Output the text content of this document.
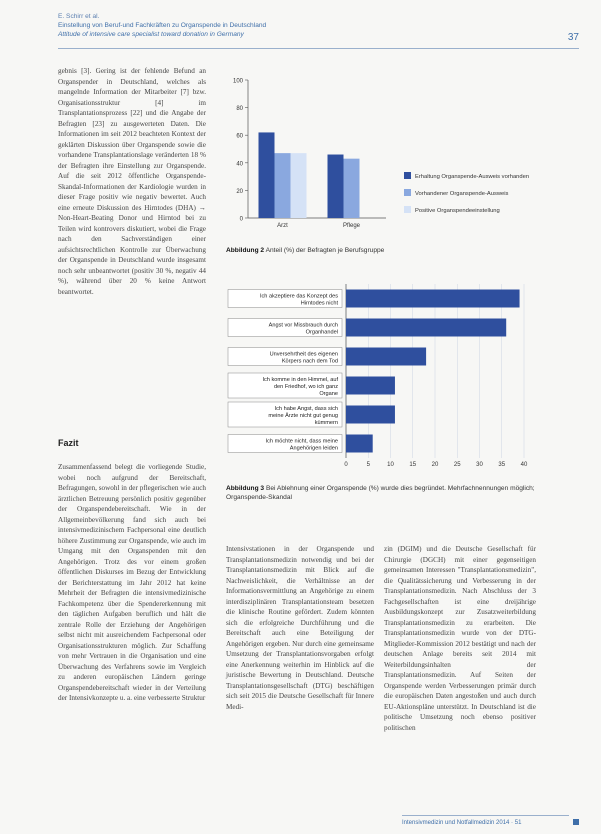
E. Schirr et al.
Einstellung von Beruf-und Fachkräften zu Organspende in Deutschland
Attitude of intensive care specialist toward donation in Germany	37

gebnis [3]. Gering ist der fehlende Befund an Organspender in Deutschland, welches als mangelnde Information der Mitarbeiter [7] bzw. Organisationsstruktur [4] im Transplantationsprozess [22] und die Angabe der Befragten [23] zu ausgewerteten Daten. Die Informationen im seit 2012 beachteten Kontext der geklärten Diskussion über Organspende sowie die vorhandene Transplantationslage veränderten 18 % der Befragten ihre Einstellung zur Organspende. Auf die seit 2012 öffentliche Organspende-Skandal-Informationen der Kardiologie wurden in dieser Frage positiv wie negativ bewertet. Auch eine erneute Diskussion des Hirntodes (DHA) → Non-Heart-Beating Donor und Hirntod bei zu Teilen wird kontrovers diskutiert, wobei die Frage nach den Sachverständigen einer aufsichtsrechtlichen Kontrolle zur Überwachung der Organspende in Deutschland wurde insgesamt noch sehr unbeantwortet (positiv 30 %, negativ 44 %), während über 20 % keine Antwort beantwortet.

Fazit

Zusammenfassend belegt die vorliegende Studie, wobei noch aufgrund der Bereitschaft, Befragungen, sowohl in der pflegerischen wie auch ärztlichen Betreuung persönlich positiv gegenüber der Organspendebereitschaft. Wie in der Allgemeinbevölkerung fand sich auch bei intensivmedizinischem Fachpersonal eine deutlich höhere Zustimmung zur Organspende, wie auch im Umgang mit den Organspenden mit den Angehörigen. Trotz des vor einem großen öffentlichen Diskurses im Bezug der Entwicklung der Berichterstattung im Jahr 2012 hat keine Mehrheit der Befragten die intensivmedizinische Fachkompetenz über die Spendererkennung mit den täglichen Aufgaben beruflich und hält die zentrale Rolle der Erziehung der Angehörigen selbst nicht mit ausreichendem Fachpersonal oder Organisationsstrukturen möglich. Zur Schaffung von mehr Vertrauen in die Organisation und eine Überwachung des Verfahrens sowie im Vergleich zu anderen europäischen Ländern geringe Organspendebereitschaft wieder in der Verteilung der Intensivkonzepte u. a. eine verbesserte Struktur

0
20
40
60
80
100
Arzt	Pflege
Erhaltung Organspende-Ausweis vorhanden
Vorhandener Organspende-Ausweis
Positive Organspendeeinstellung
Abbildung 2 Anteil (%) der Befragten je Berufsgruppe
0	5	10	15	20	25	30	35	40
Ich akzeptiere das Konzept des Hirntodes nicht
Angst vor Missbrauch durch Organhandel
Unversehrtheit des eigenen Körpers nach dem Tod
Ich komme in den Himmel, auf den Friedhof, wo ich ganz Organe
Ich habe Angst, dass sich meine Ärzte nicht gut genug kümmern
Ich möchte nicht, dass meine Angehörigen leiden
Abbildung 3 Bei Ablehnung einer Organspende (%) wurde dies begründet. Mehrfachnennungen möglich; Organspende-Skandal

Intensivstationen in der Organspende und Transplantationsmedizin notwendig und bei der Transplantationsmedizin mit Blick auf die Nachweislichkeit, die Verhältnisse an der Informationsvermittlung an Angehörige zu einem interdisziplinären Transplantationsteam besetzen die klinische Routine gefördert. Zudem könnten sich die erfolgreiche Durchführung und die Bereitschaft auch eine Beteiligung der Angehörigen ergeben. Nur durch eine gemeinsame Umsetzung der Transplantationsvorgaben erfolgt eine Anerkennung weiterhin im Hinblick auf die juristische Bewertung in Deutschland. Deutsche Transplantationsgesellschaft (DTG) beschäftigen sich seit 2015 die Deutsche Gesellschaft für Innere Medi-

zin (DGIM) und die Deutsche Gesellschaft für Chirurgie (DGCH) mit einer gegenseitigen gemeinsamen Interessen "Transplantationsmedizin", die Qualitätssicherung und Verbesserung in der Transplantationsmedizin. Nach Abschluss der 3 Fachgesellschaften ist eine dreijährige Ausbildungskonzept zur Zusatzweiterbildung Transplantationsmedizin zu erarbeiten. Die Transplantationsmedizin wurde von der DTG-Mitglieder-Kommission 2012 bestätigt und nach der deutschen Anlage bereits seit 2014 mit Weiterbildungsinhalten der Transplantationsmedizin. Auf Seiten der Organspende werden Verbesserungen primär durch die europäischen Daten angestoßen und auch durch EU-Aktionspläne unterstützt. In Deutschland ist die politische Umsetzung noch ebenso positiver politischen

Intensivmedizin und Notfallmedizin 2014 · 51
